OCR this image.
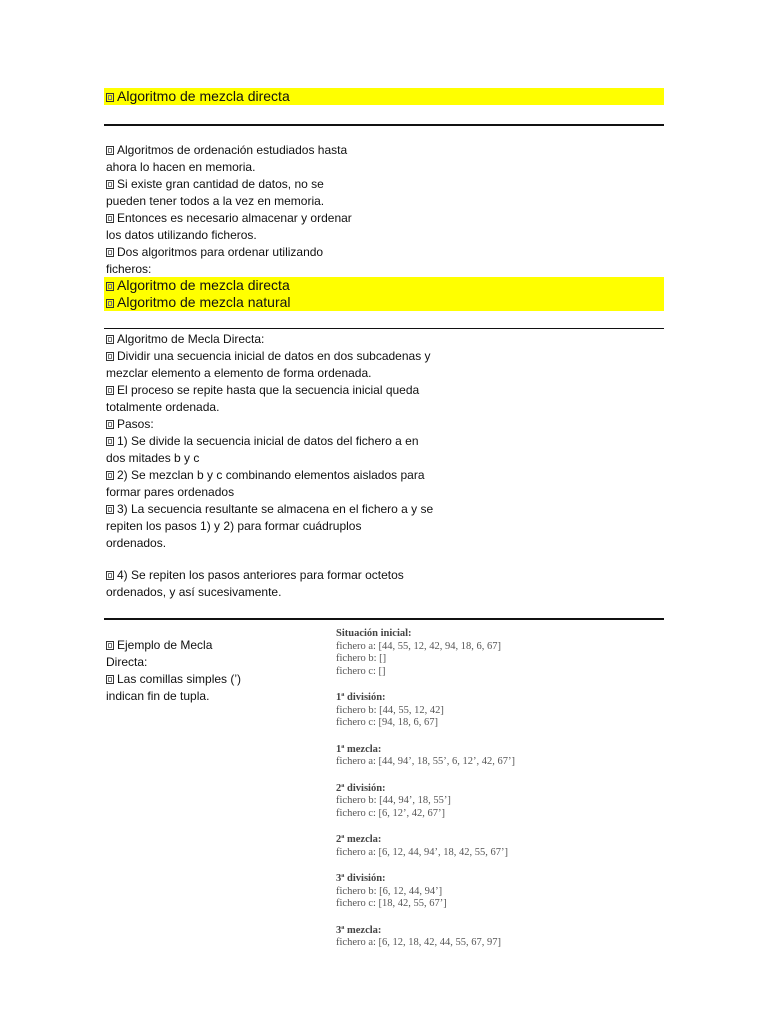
Algoritmo de mezcla directa
Algoritmos de ordenación estudiados hasta
ahora lo hacen en memoria.
Si existe gran cantidad de datos, no se
pueden tener todos a la vez en memoria.
Entonces es necesario almacenar y ordenar
los datos utilizando ficheros.
Dos algoritmos para ordenar utilizando
ficheros:
Algoritmo de mezcla directa
Algoritmo de mezcla natural
Algoritmo de Mecla Directa:
Dividir una secuencia inicial de datos en dos subcadenas y
mezclar elemento a elemento de forma ordenada.
El proceso se repite hasta que la secuencia inicial queda
totalmente ordenada.
Pasos:
1) Se divide la secuencia inicial de datos del fichero a en
dos mitades b y c
2) Se mezclan b y c combinando elementos aislados para
formar pares ordenados
3) La secuencia resultante se almacena en el fichero a y se
repiten los pasos 1) y 2) para formar cuádruplos
ordenados.
4) Se repiten los pasos anteriores para formar octetos
ordenados, y así sucesivamente.
Ejemplo de Mecla
Directa:
Las comillas simples (’)
indican fin de tupla.
Situación inicial:
fichero a: [44, 55, 12, 42, 94, 18, 6, 67]
fichero b: []
fichero c: []
1ª división:
fichero b: [44, 55, 12, 42]
fichero c: [94, 18, 6, 67]
1ª mezcla:
fichero a: [44, 94’, 18, 55’, 6, 12’, 42, 67’]
2ª división:
fichero b: [44, 94’, 18, 55’]
fichero c: [6, 12’, 42, 67’]
2ª mezcla:
fichero a: [6, 12, 44, 94’, 18, 42, 55, 67’]
3ª división:
fichero b: [6, 12, 44, 94’]
fichero c: [18, 42, 55, 67’]
3ª mezcla:
fichero a: [6, 12, 18, 42, 44, 55, 67, 97]
